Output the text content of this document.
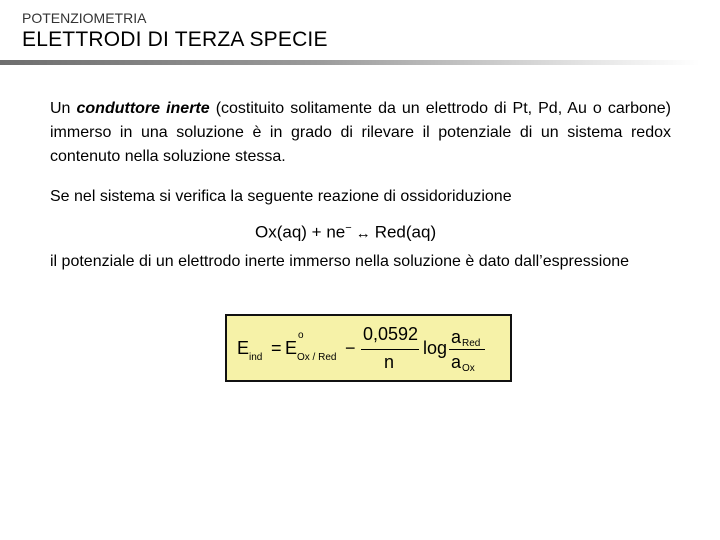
POTENZIOMETRIA
ELETTRODI DI TERZA SPECIE
Un conduttore inerte (costituito solitamente da un elettrodo di Pt, Pd, Au o carbone) immerso in una soluzione è in grado di rilevare il potenziale di un sistema redox contenuto nella soluzione stessa.
Se nel sistema si verifica la seguente reazione di ossidoriduzione
Ox(aq) + ne− ↔ Red(aq)
il potenziale di un elettrodo inerte immerso nella soluzione è dato dall’espressione
E ind = E
o
Ox / Red −
0,0592
n
log
a Red
a Ox
